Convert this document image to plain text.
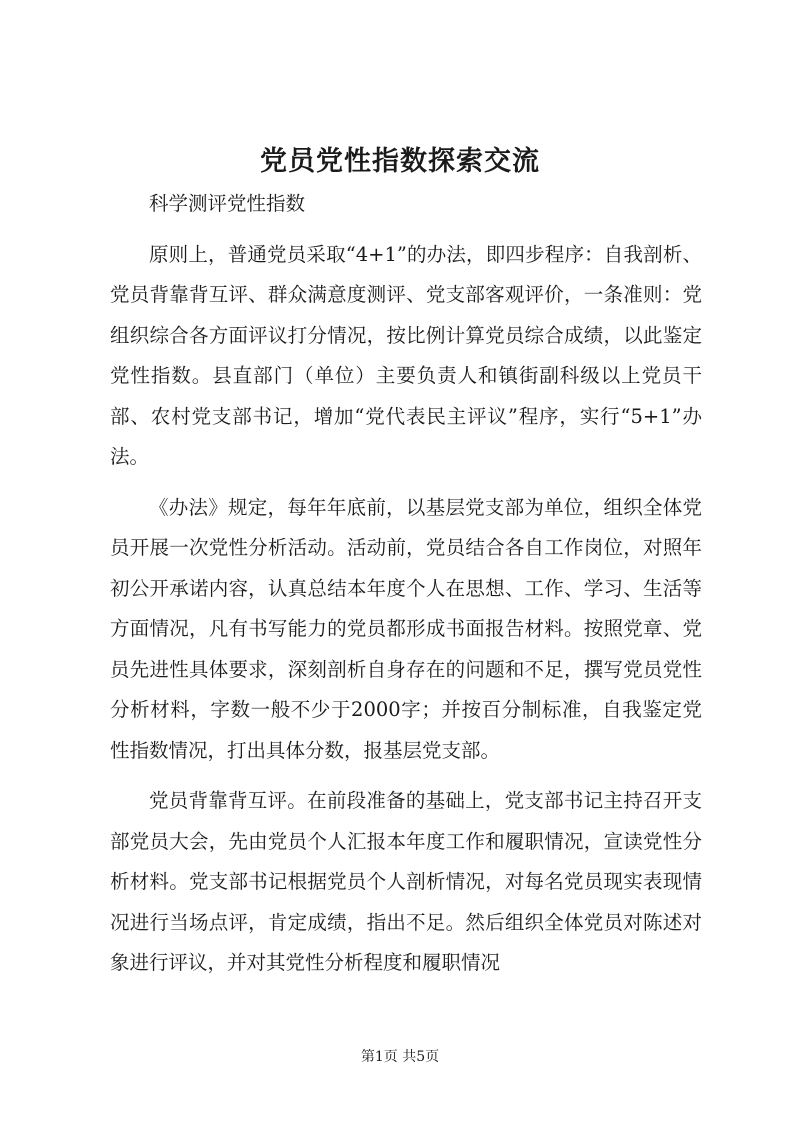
党员党性指数探索交流

科学测评党性指数

原则上，普通党员采取“4+1”的办法，即四步程序：自我剖析、党员背靠背互评、群众满意度测评、党支部客观评价，一条准则：党组织综合各方面评议打分情况，按比例计算党员综合成绩，以此鉴定党性指数。县直部门（单位）主要负责人和镇街副科级以上党员干部、农村党支部书记，增加“党代表民主评议”程序，实行“5+1”办法。

《办法》规定，每年年底前，以基层党支部为单位，组织全体党员开展一次党性分析活动。活动前，党员结合各自工作岗位，对照年初公开承诺内容，认真总结本年度个人在思想、工作、学习、生活等方面情况，凡有书写能力的党员都形成书面报告材料。按照党章、党员先进性具体要求，深刻剖析自身存在的问题和不足，撰写党员党性分析材料，字数一般不少于2000字；并按百分制标准，自我鉴定党性指数情况，打出具体分数，报基层党支部。

党员背靠背互评。在前段准备的基础上，党支部书记主持召开支部党员大会，先由党员个人汇报本年度工作和履职情况，宣读党性分析材料。党支部书记根据党员个人剖析情况，对每名党员现实表现情况进行当场点评，肯定成绩，指出不足。然后组织全体党员对陈述对象进行评议，并对其党性分析程度和履职情况

第1页 共5页
